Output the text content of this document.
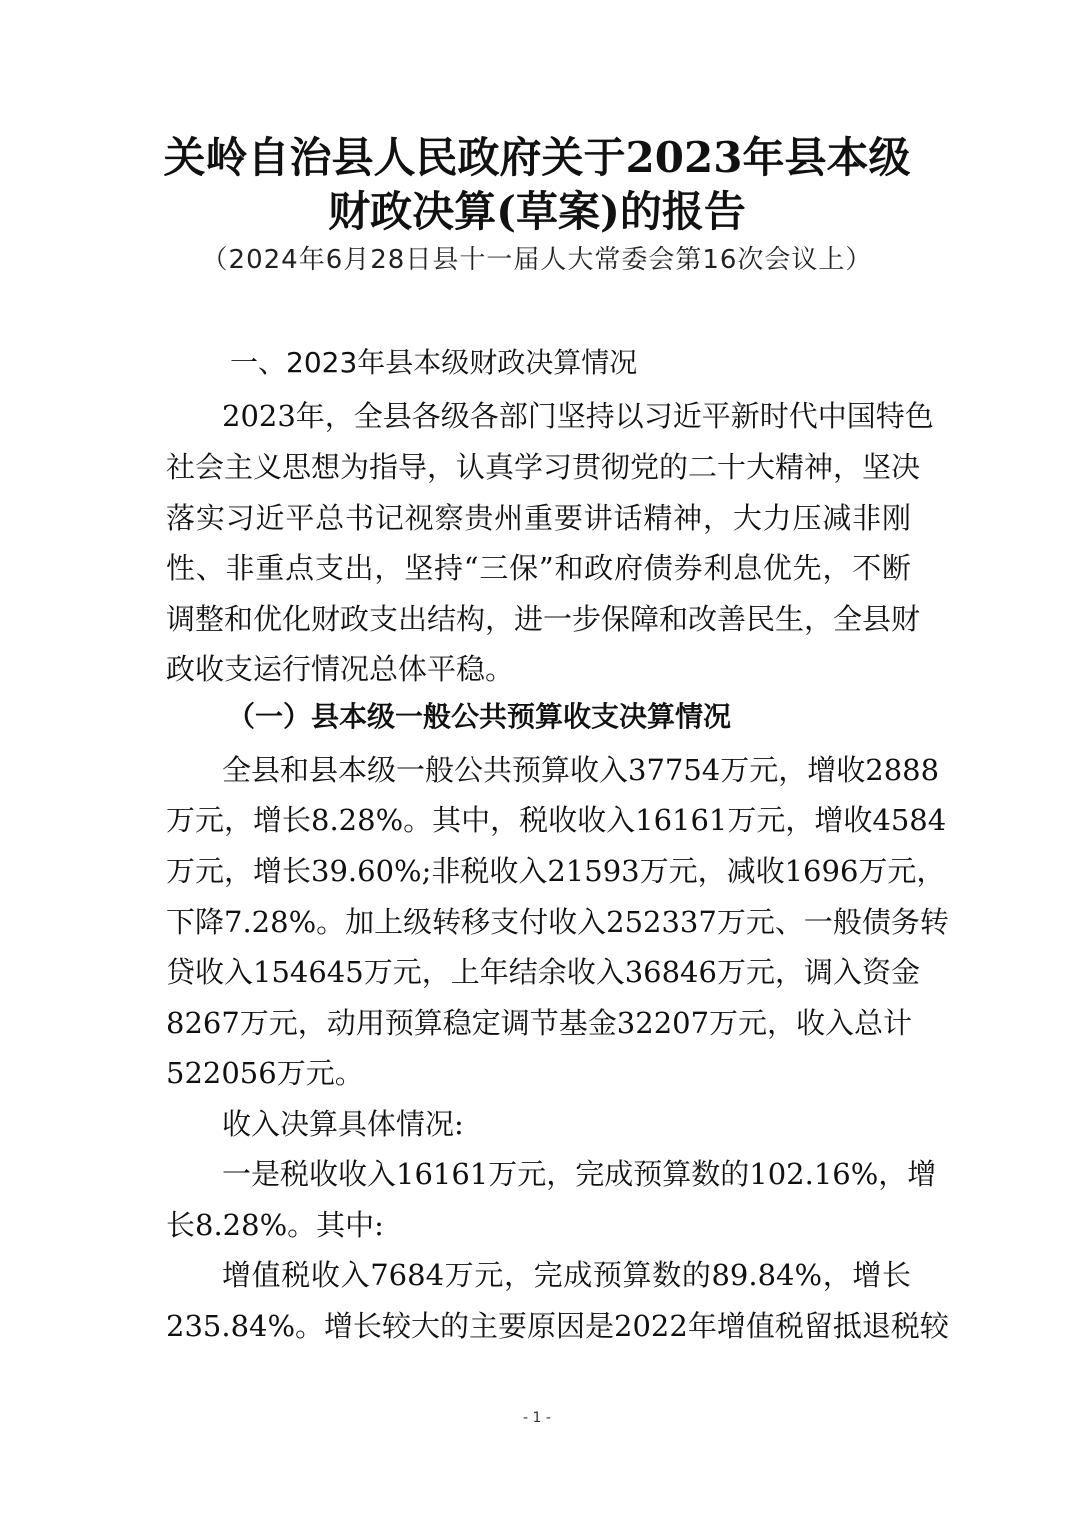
关岭自治县人民政府关于2023年县本级
财政决算(草案)的报告
（2024年6月28日县十一届人大常委会第16次会议上）
一、2023年县本级财政决算情况
2023年，全县各级各部门坚持以习近平新时代中国特色
社会主义思想为指导，认真学习贯彻党的二十大精神，坚决
落实习近平总书记视察贵州重要讲话精神，大力压减非刚
性、非重点支出，坚持“三保”和政府债券利息优先，不断
调整和优化财政支出结构，进一步保障和改善民生，全县财
政收支运行情况总体平稳。
（一）县本级一般公共预算收支决算情况
全县和县本级一般公共预算收入37754万元，增收2888
万元，增长8.28%。其中，税收收入16161万元，增收4584
万元，增长39.60%;非税收入21593万元，减收1696万元，
下降7.28%。加上级转移支付收入252337万元、一般债务转
贷收入154645万元，上年结余收入36846万元，调入资金
8267万元，动用预算稳定调节基金32207万元，收入总计
522056万元。
收入决算具体情况:
一是税收收入16161万元，完成预算数的102.16%，增
长8.28%。其中:
增值税收入7684万元，完成预算数的89.84%，增长
235.84%。增长较大的主要原因是2022年增值税留抵退税较
- 1 -
